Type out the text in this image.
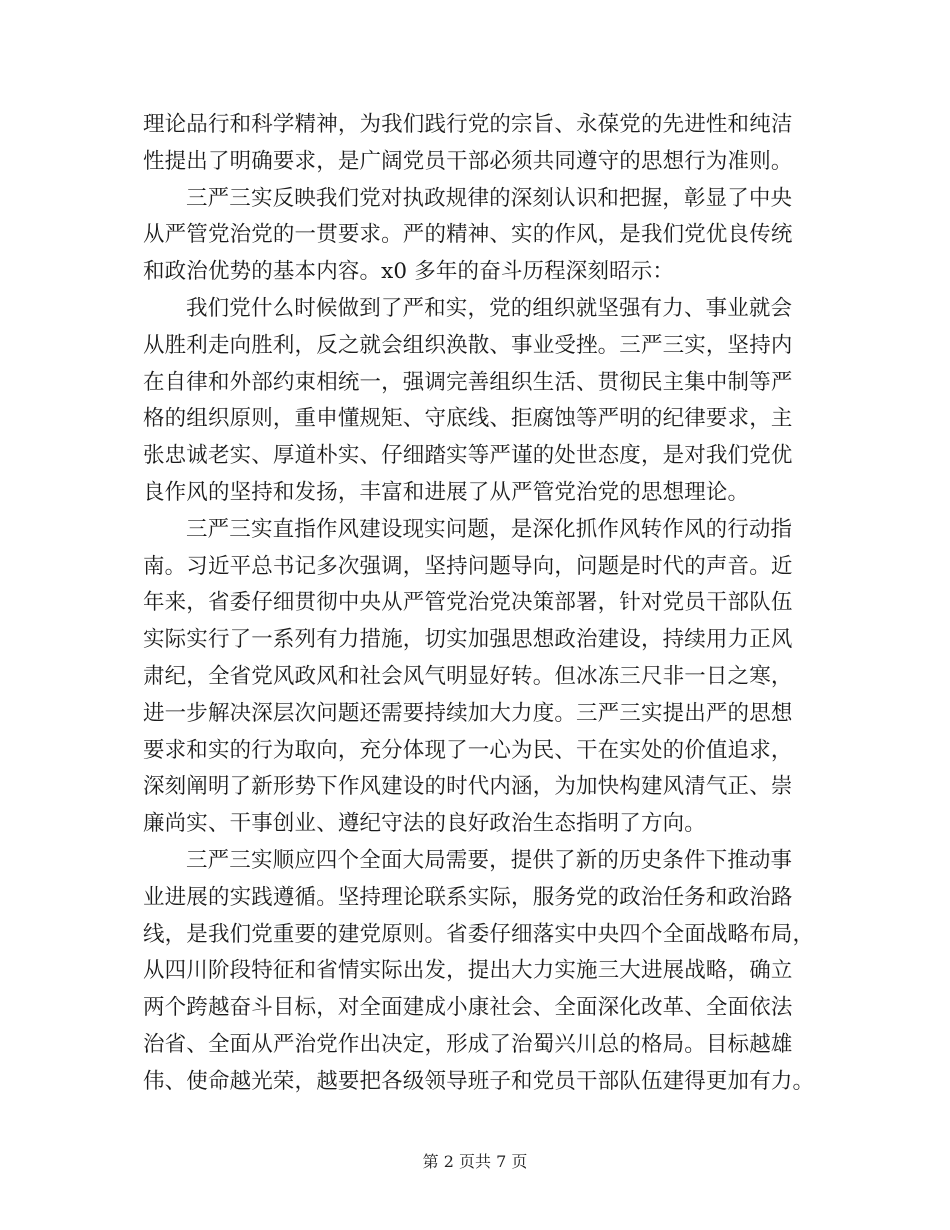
理论品行和科学精神，为我们践行党的宗旨、永葆党的先进性和纯洁
性提出了明确要求，是广阔党员干部必须共同遵守的思想行为准则。
三严三实反映我们党对执政规律的深刻认识和把握，彰显了中央
从严管党治党的一贯要求。严的精神、实的作风，是我们党优良传统
和政治优势的基本内容。x0 多年的奋斗历程深刻昭示：
我们党什么时候做到了严和实，党的组织就坚强有力、事业就会
从胜利走向胜利，反之就会组织涣散、事业受挫。三严三实，坚持内
在自律和外部约束相统一，强调完善组织生活、贯彻民主集中制等严
格的组织原则，重申懂规矩、守底线、拒腐蚀等严明的纪律要求，主
张忠诚老实、厚道朴实、仔细踏实等严谨的处世态度，是对我们党优
良作风的坚持和发扬，丰富和进展了从严管党治党的思想理论。
三严三实直指作风建设现实问题，是深化抓作风转作风的行动指
南。习近平总书记多次强调，坚持问题导向，问题是时代的声音。近
年来，省委仔细贯彻中央从严管党治党决策部署，针对党员干部队伍
实际实行了一系列有力措施，切实加强思想政治建设，持续用力正风
肃纪，全省党风政风和社会风气明显好转。但冰冻三尺非一日之寒，
进一步解决深层次问题还需要持续加大力度。三严三实提出严的思想
要求和实的行为取向，充分体现了一心为民、干在实处的价值追求，
深刻阐明了新形势下作风建设的时代内涵，为加快构建风清气正、崇
廉尚实、干事创业、遵纪守法的良好政治生态指明了方向。
三严三实顺应四个全面大局需要，提供了新的历史条件下推动事
业进展的实践遵循。坚持理论联系实际，服务党的政治任务和政治路
线，是我们党重要的建党原则。省委仔细落实中央四个全面战略布局，
从四川阶段特征和省情实际出发，提出大力实施三大进展战略，确立
两个跨越奋斗目标，对全面建成小康社会、全面深化改革、全面依法
治省、全面从严治党作出决定，形成了治蜀兴川总的格局。目标越雄
伟、使命越光荣，越要把各级领导班子和党员干部队伍建得更加有力。
第 2 页共 7 页
